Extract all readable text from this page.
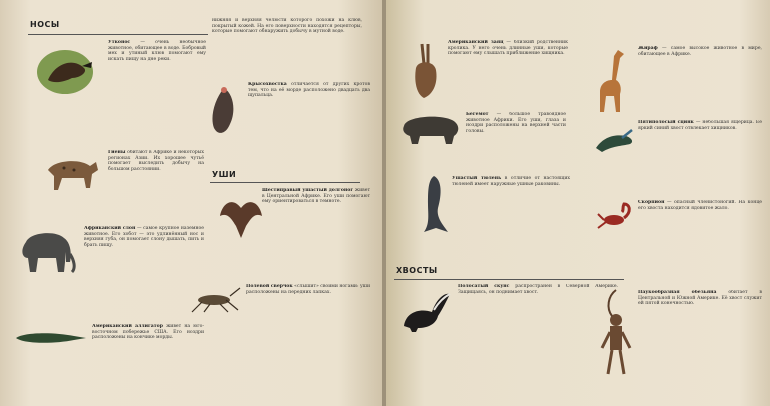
НОСЫ
Утконос — очень необычное животное, обитающее в воде. Бобровый мех и утиный клюв помогают ему искать пищу на дне реки.
нижняя и верхняя челюсти которого похожи на клюв, покрытый кожей. На его поверхности находятся рецепторы, которые помогают обнаружить добычу в мутной воде.
Крысохвостка отличается от других кротов тем, что на её морде расположено двадцать два щупальца.
Гиены обитают в Африке и некоторых регионах Азии. Их хорошее чутьё помогает выследить добычу на большом расстоянии.
УШИ
Шестиправый ушастый долгоног живёт в Центральной Африке. Его уши помогают ему ориентироваться в темноте.
Африканский слон — самое крупное наземное животное. Его хобот — это удлинённый нос и верхняя губа, он помогает слону дышать, пить и брать пищу.
Полевой сверчок «слышит» своими ногами: уши расположены на передних лапках.
Американский аллигатор живёт на юго-восточном побережье США. Его ноздри расположены на кончике морды.
Американский заяц — близкий родственник кролика. У него очень длинные уши, которые помогают ему слышать приближение хищника.
Бегемот — большое травоядное животное Африки. Его уши, глаза и ноздри расположены на верхней части головы.
Жираф — самое высокое животное в мире, обитающее в Африке.
Ушастый тюлень в отличие от настоящих тюленей имеет наружные ушные раковины.
Пятиполосый сцинк — небольшая ящерица. Её яркий синий хвост отвлекает хищников.
Скорпион — опасный членистоногий. На конце его хвоста находится ядовитое жало.
ХВОСТЫ
Полосатый скунс распространён в Северной Америке. Защищаясь, он поднимает хвост.	Паукообразная обезьяна	обитает в Центральной и Южной Америке. Её хвост служит ей пятой конечностью.
